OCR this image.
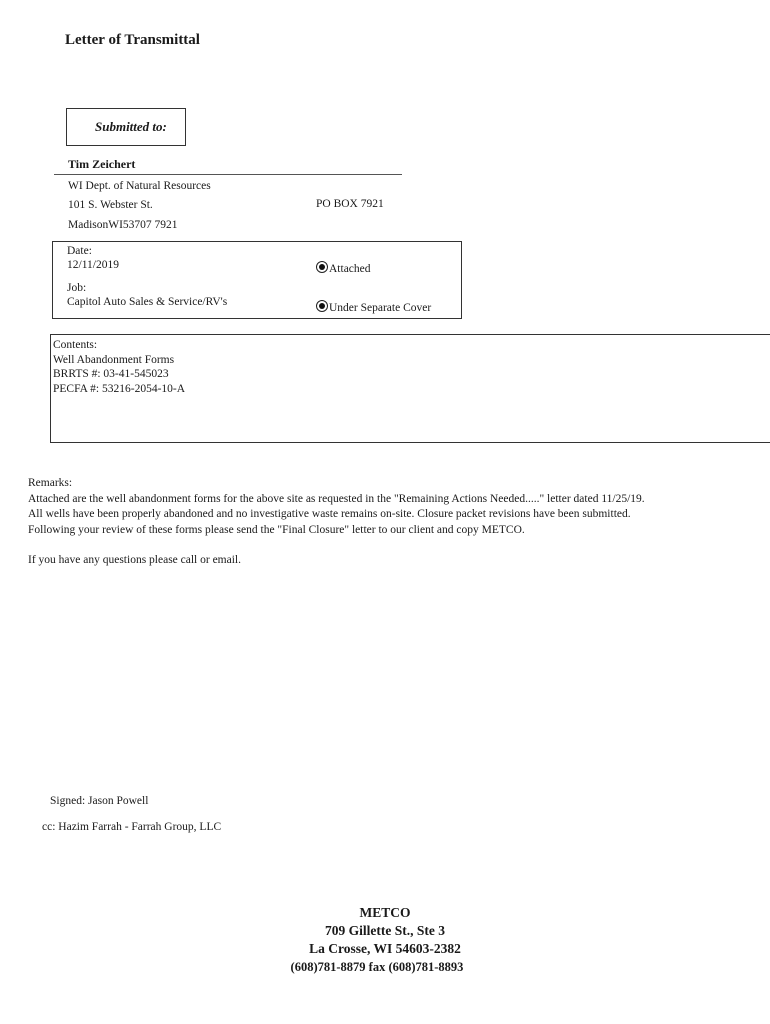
Letter of Transmittal
Submitted to:
Tim Zeichert
WI Dept. of Natural Resources
101 S. Webster St.
MadisonWI53707 7921
PO BOX 7921
Date:
12/11/2019
Job:
Capitol Auto Sales & Service/RV's
Attached
Under Separate Cover
Contents:
Well Abandonment Forms
BRRTS #: 03-41-545023
PECFA #: 53216-2054-10-A
Remarks:
Attached are the well abandonment forms for the above site as requested in the "Remaining Actions Needed....." letter dated 11/25/19.
All wells have been properly abandoned and no investigative waste remains on-site. Closure packet revisions have been submitted.
Following your review of these forms please send the "Final Closure" letter to our client and copy METCO.
If you have any questions please call or email.
Signed: Jason Powell
cc: Hazim Farrah - Farrah Group, LLC
METCO
709 Gillette St., Ste 3
La Crosse, WI 54603-2382
(608)781-8879 fax (608)781-8893
